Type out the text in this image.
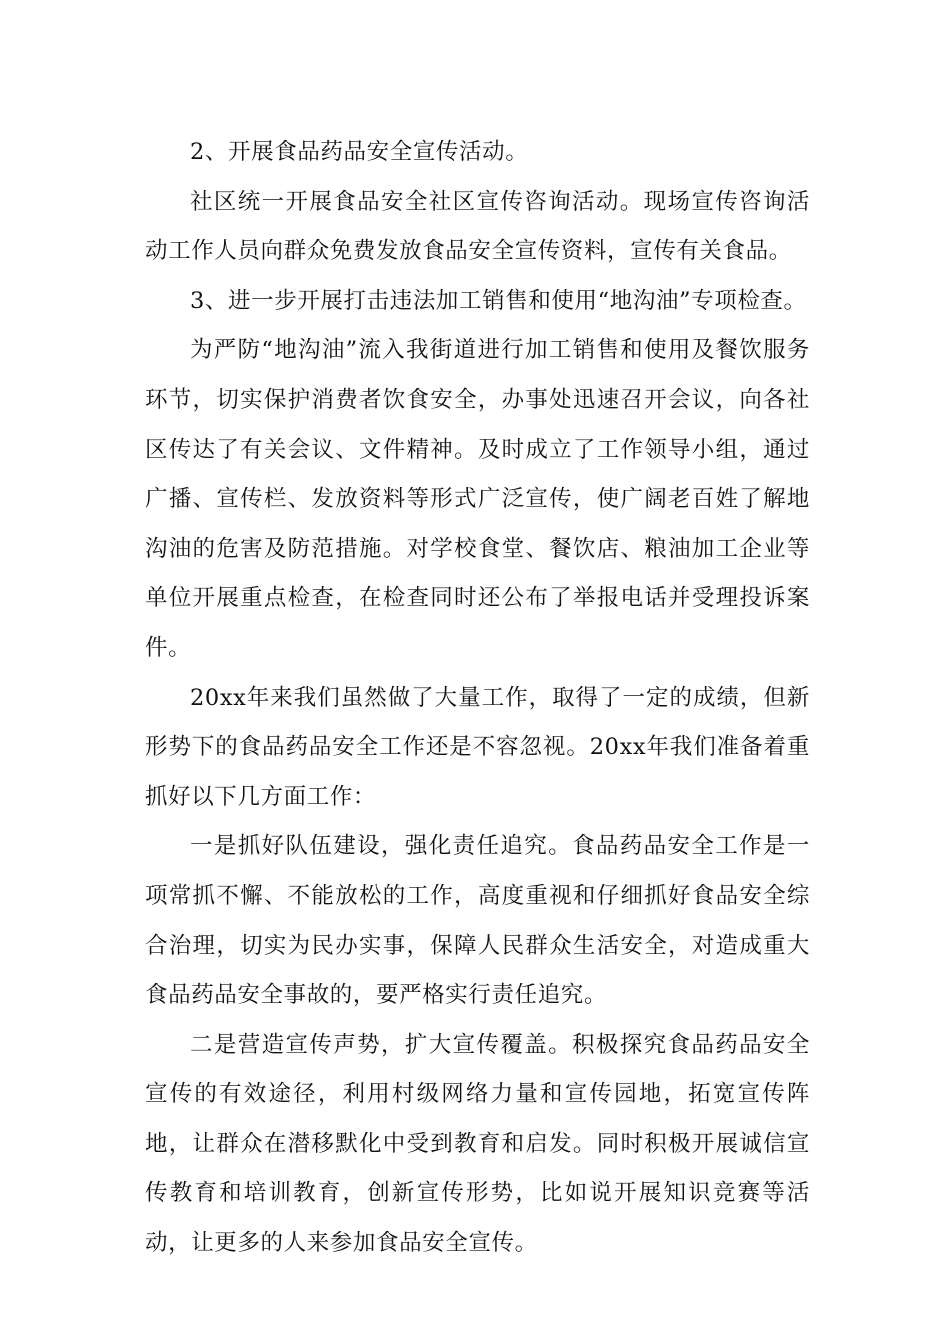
2、开展食品药品安全宣传活动。

社区统一开展食品安全社区宣传咨询活动。现场宣传咨询活动工作人员向群众免费发放食品安全宣传资料，宣传有关食品。

3、进一步开展打击违法加工销售和使用“地沟油”专项检查。

为严防“地沟油”流入我街道进行加工销售和使用及餐饮服务环节，切实保护消费者饮食安全，办事处迅速召开会议，向各社区传达了有关会议、文件精神。及时成立了工作领导小组，通过广播、宣传栏、发放资料等形式广泛宣传，使广阔老百姓了解地沟油的危害及防范措施。对学校食堂、餐饮店、粮油加工企业等单位开展重点检查，在检查同时还公布了举报电话并受理投诉案件。

20xx年来我们虽然做了大量工作，取得了一定的成绩，但新形势下的食品药品安全工作还是不容忽视。20xx年我们准备着重抓好以下几方面工作：

一是抓好队伍建设，强化责任追究。食品药品安全工作是一项常抓不懈、不能放松的工作，高度重视和仔细抓好食品安全综合治理，切实为民办实事，保障人民群众生活安全，对造成重大食品药品安全事故的，要严格实行责任追究。

二是营造宣传声势，扩大宣传覆盖。积极探究食品药品安全宣传的有效途径，利用村级网络力量和宣传园地，拓宽宣传阵地，让群众在潜移默化中受到教育和启发。同时积极开展诚信宣传教育和培训教育，创新宣传形势，比如说开展知识竞赛等活动，让更多的人来参加食品安全宣传。
